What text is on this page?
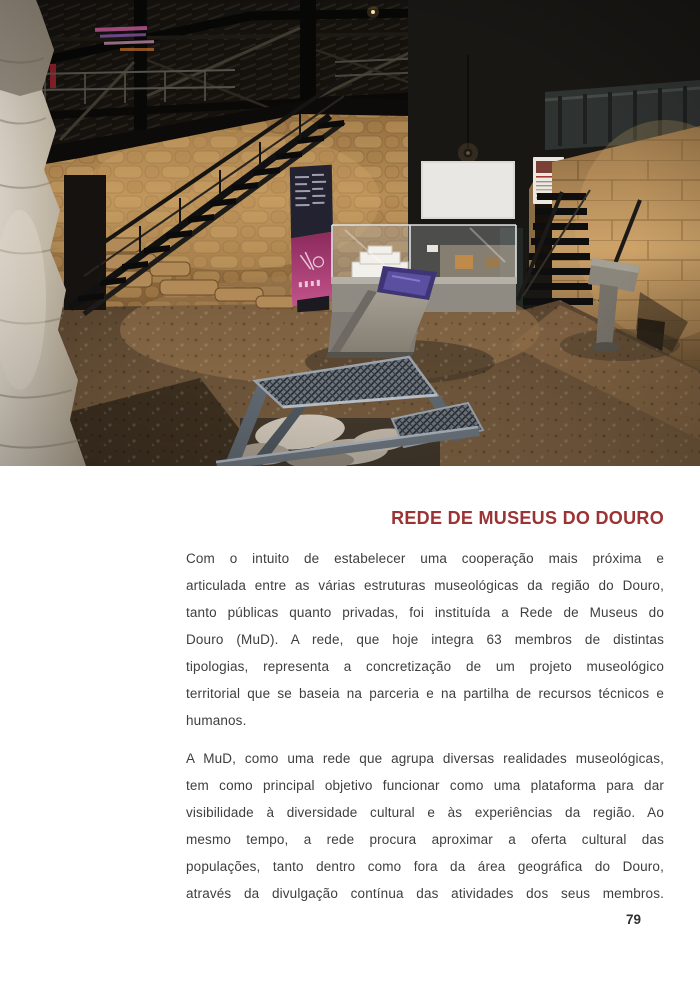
REDE DE MUSEUS DO DOURO
Com o intuito de estabelecer uma cooperação mais próxima e
articulada entre as várias estruturas museológicas da região do Douro,
tanto públicas quanto privadas, foi instituída a Rede de Museus do
Douro (MuD). A rede, que hoje integra 63 membros de distintas
tipologias, representa a concretização de um projeto museológico
territorial que se baseia na parceria e na partilha de recursos técnicos e
humanos.
A MuD, como uma rede que agrupa diversas realidades museológicas,
tem como principal objetivo funcionar como uma plataforma para dar
visibilidade à diversidade cultural e às experiências da região. Ao
mesmo tempo, a rede procura aproximar a oferta cultural das
populações, tanto dentro como fora da área geográfica do Douro,
através da divulgação contínua das atividades dos seus membros.
79
